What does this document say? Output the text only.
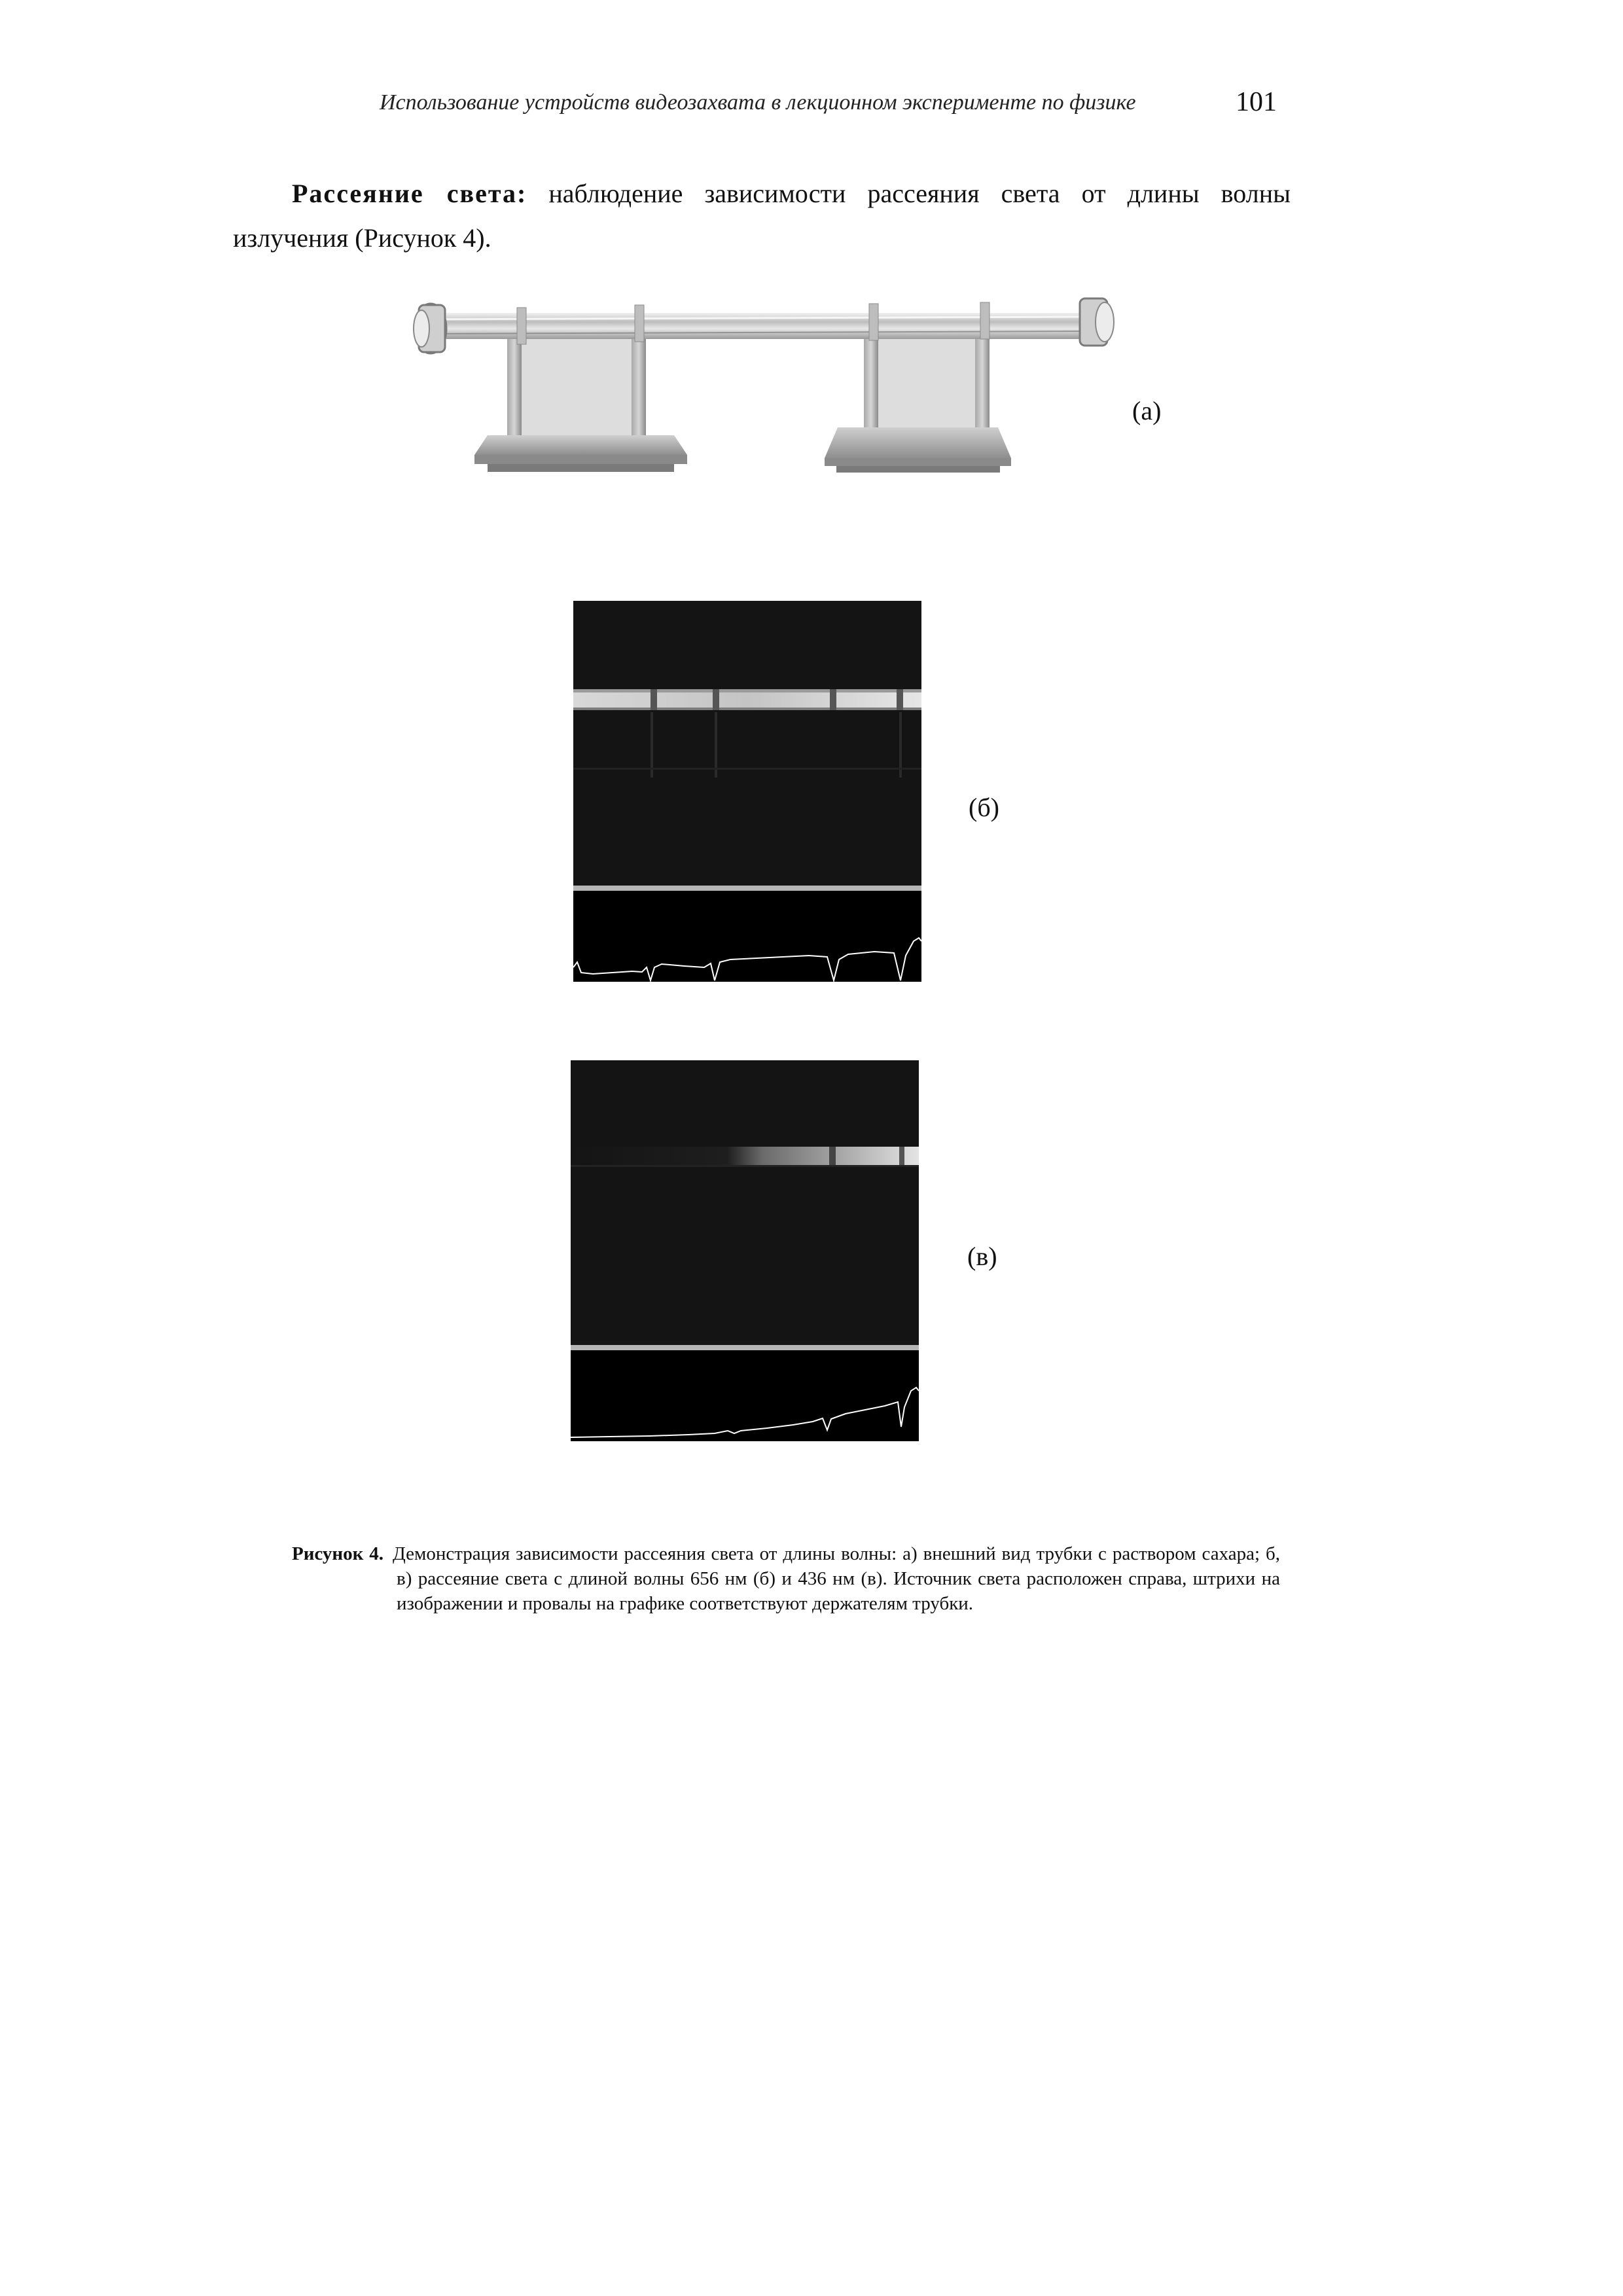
Использование устройств видеозахвата в лекционном эксперименте по физике	101
Рассеяние света: наблюдение зависимости рассеяния света от длины волны излучения (Рисунок 4).
(а)
(б)
(в)
Рисунок 4. Демонстрация зависимости рассеяния света от длины волны: а) внешний вид трубки с раствором сахара; б, в) рассеяние света с длиной волны 656 нм (б) и 436 нм (в). Источник света расположен справа, штрихи на изображении и провалы на графике соответствуют держателям трубки.
